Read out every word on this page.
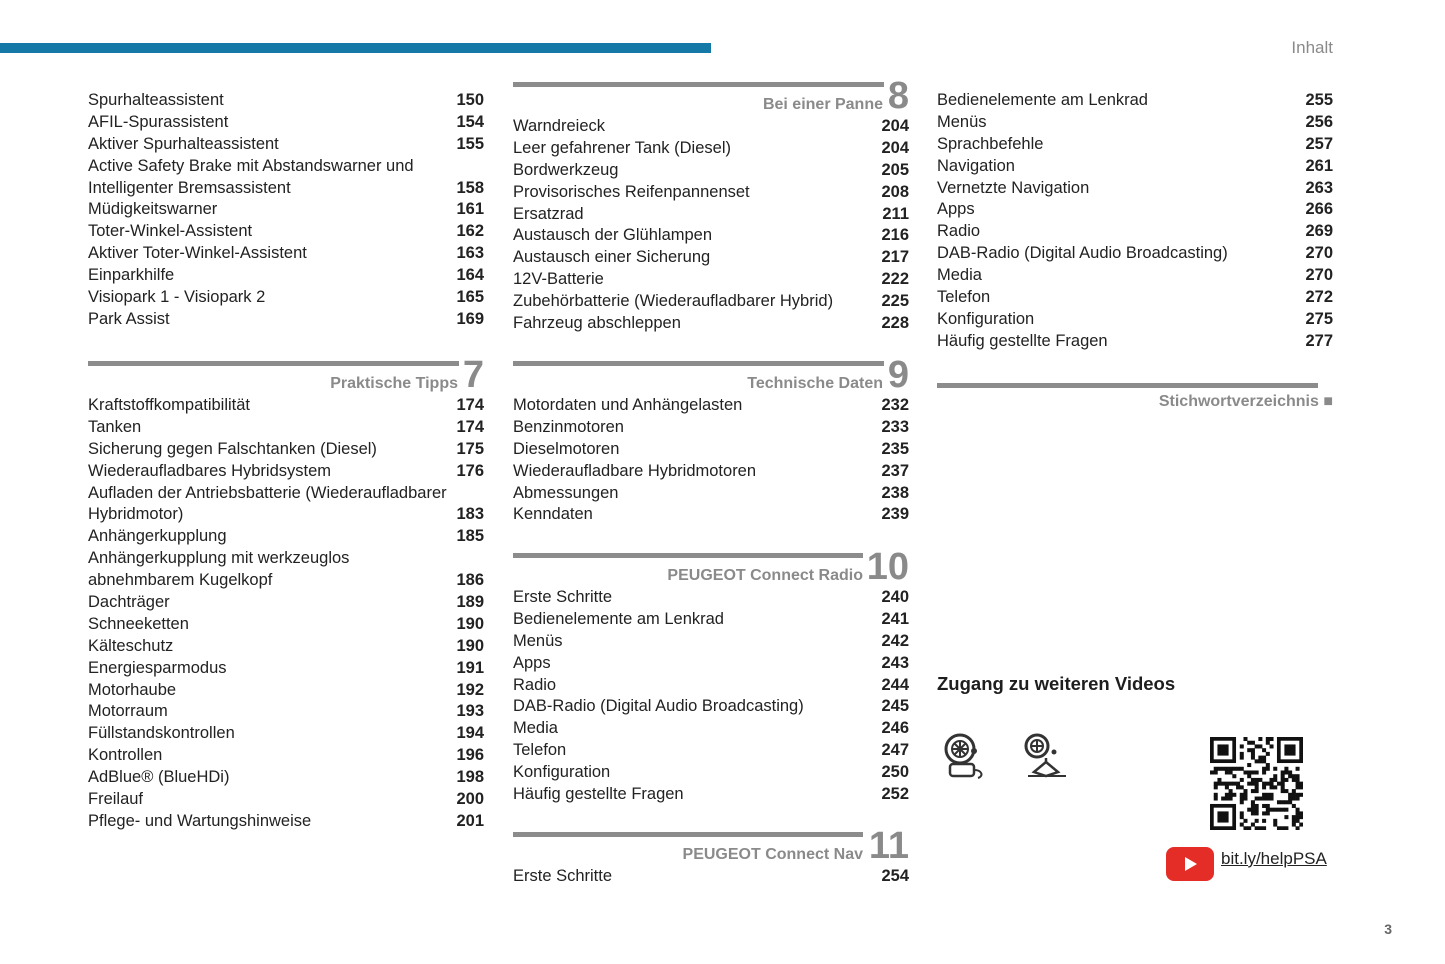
Inhalt
Spurhalteassistent	150
AFIL-Spurassistent	154
Aktiver Spurhalteassistent	155
Active Safety Brake mit Abstandswarner und
Intelligenter Bremsassistent	158
Müdigkeitswarner	161
Toter-Winkel-Assistent	162
Aktiver Toter-Winkel-Assistent	163
Einparkhilfe	164
Visiopark 1 - Visiopark 2	165
Park Assist	169
Praktische Tipps 7
Kraftstoffkompatibilität	174
Tanken	174
Sicherung gegen Falschtanken (Diesel)	175
Wiederaufladbares Hybridsystem	176
Aufladen der Antriebsbatterie (Wiederaufladbarer
Hybridmotor)	183
Anhängerkupplung	185
Anhängerkupplung mit werkzeuglos
abnehmbarem Kugelkopf	186
Dachträger	189
Schneeketten	190
Kälteschutz	190
Energiesparmodus	191
Motorhaube	192
Motorraum	193
Füllstandskontrollen	194
Kontrollen	196
AdBlue® (BlueHDi)	198
Freilauf	200
Pflege- und Wartungshinweise	201
Bei einer Panne 8
Warndreieck	204
Leer gefahrener Tank (Diesel)	204
Bordwerkzeug	205
Provisorisches Reifenpannenset	208
Ersatzrad	211
Austausch der Glühlampen	216
Austausch einer Sicherung	217
12V-Batterie	222
Zubehörbatterie (Wiederaufladbarer Hybrid)	225
Fahrzeug abschleppen	228
Technische Daten 9
Motordaten und Anhängelasten	232
Benzinmotoren	233
Dieselmotoren	235
Wiederaufladbare Hybridmotoren	237
Abmessungen	238
Kenndaten	239
PEUGEOT Connect Radio 10
Erste Schritte	240
Bedienelemente am Lenkrad	241
Menüs	242
Apps	243
Radio	244
DAB-Radio (Digital Audio Broadcasting)	245
Media	246
Telefon	247
Konfiguration	250
Häufig gestellte Fragen	252
PEUGEOT Connect Nav 11
Erste Schritte	254
Bedienelemente am Lenkrad	255
Menüs	256
Sprachbefehle	257
Navigation	261
Vernetzte Navigation	263
Apps	266
Radio	269
DAB-Radio (Digital Audio Broadcasting)	270
Media	270
Telefon	272
Konfiguration	275
Häufig gestellte Fragen	277
Stichwortverzeichnis ■
Zugang zu weiteren Videos
bit.ly/helpPSA
3
